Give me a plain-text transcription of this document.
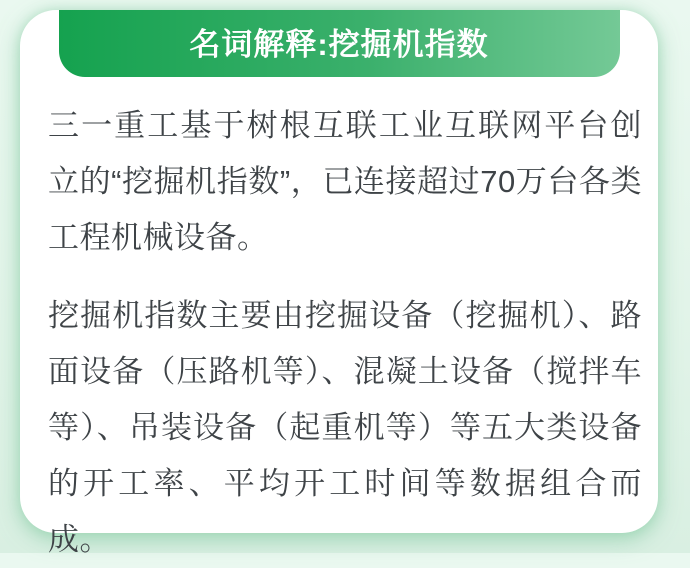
名词解释:挖掘机指数

三一重工基于树根互联工业互联网平台创立的“挖掘机指数”，已连接超过70万台各类工程机械设备。

挖掘机指数主要由挖掘设备（挖掘机）、路面设备（压路机等）、混凝土设备（搅拌车等）、吊装设备（起重机等）等五大类设备的开工率、平均开工时间等数据组合而成。
